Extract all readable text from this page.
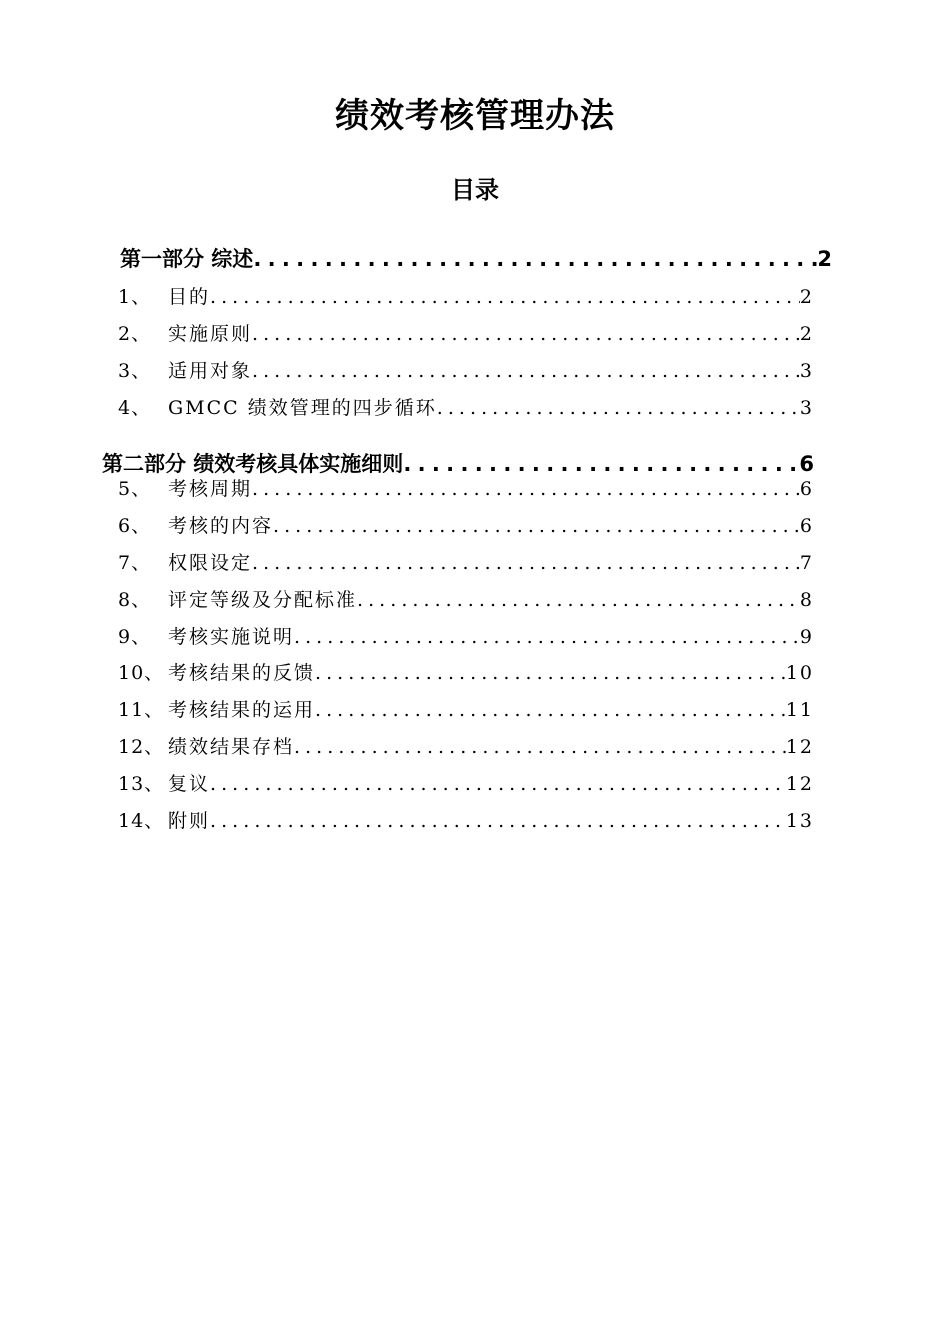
绩效考核管理办法
目录
第一部分 综述 . . .	2
1、 目的 . . .	2
2、 实施原则 . . .	2
3、 适用对象 . . .	3
4、 GMCC 绩效管理的四步循环 . . .	3
第二部分 绩效考核具体实施细则 . . .	6
5、 考核周期 . . .	6
6、 考核的内容 . . .	6
7、 权限设定 . . .	7
8、 评定等级及分配标准 . . .	8
9、 考核实施说明 . . .	9
10、 考核结果的反馈 . . .	10
11、 考核结果的运用 . . .	11
12、 绩效结果存档 . . .	12
13、 复议 . . .	12
14、 附则 . . .	13
